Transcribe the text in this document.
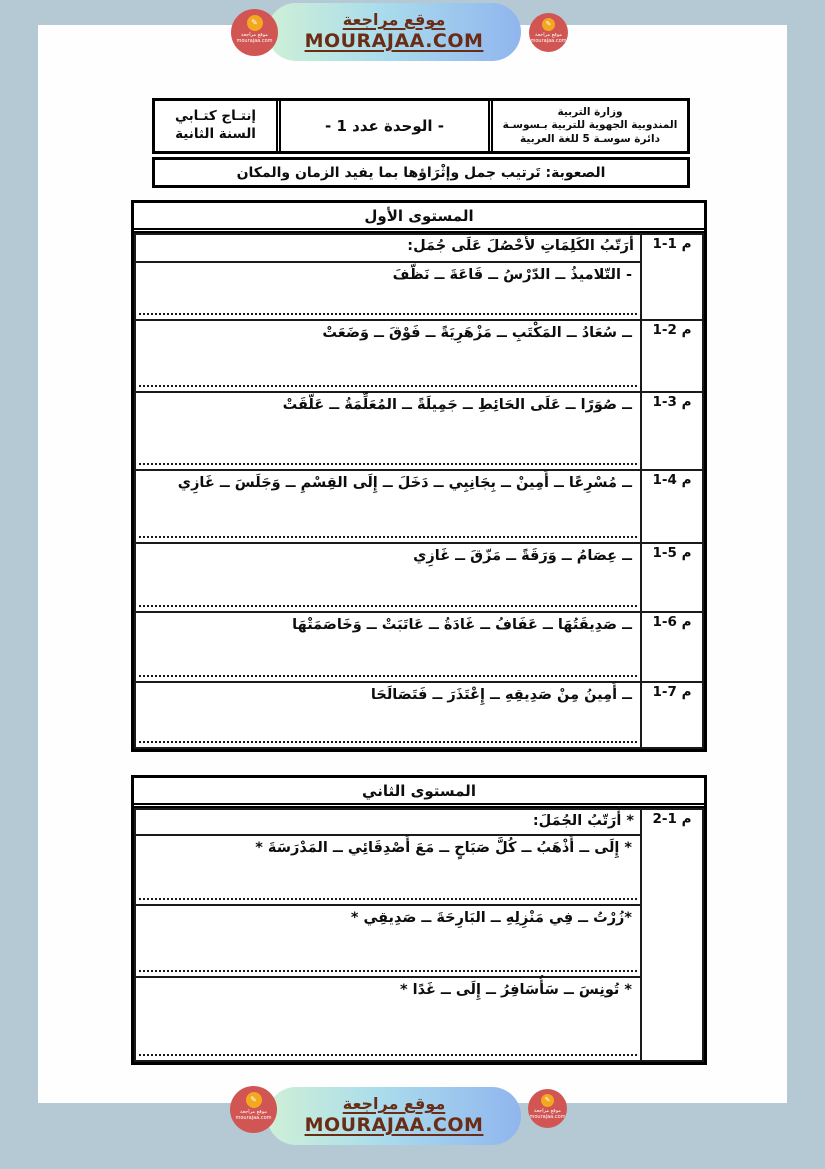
✎
موقع مراجعة
mourajaa.com
موقع مراجعة
MOURAJAA.COM
✎
موقع مراجعة
mourajaa.com
وزارة التربية
المندوبية الجهوية للتربية بـسوسـة
دائرة سوسـة 5 للغة العربية
- الوحدة عدد 1 -
إنتـاج كتـابي
السنة الثانية
الصعوبة: تَرتيب جمل وإثْرَاؤها بما يفيد الزمان والمكان
المستوى الأول
م 1-1	أُرَتّبُ الكَلِمَاتِ لأَحْصُلَ عَلَى جُمَل:
	- التّلاميذُ ــ الدّرْسُ ــ قَاعَةَ ــ نَظّفَ

م 2-1	ــ سُعَادُ ــ المَكْتَبِ ــ مَزْهَرِيَةً ــ فَوْقَ ــ وَضَعَتْ

م 3-1	ــ صُوَرًا ــ عَلَى الحَائِطِ ــ جَمِيلَةً ــ المُعَلِّمَةُ ــ عَلّقَتْ

م 4-1	ــ مُسْرِعًا ــ أَمِينْ ــ بِجَانِبِي ــ دَخَلَ ــ إِلَى القِسْمِ ــ وَجَلَسَ ــ غَازِي

م 5-1	ــ عِصَامُ ــ وَرَقَةً ــ مَزّقَ ــ غَازِي

م 6-1	ــ صَدِيقَتُهَا ــ عَفَافُ ــ غَادَةُ ــ عَاتَبَتْ ــ وَخَاصَمَتْهَا

م 7-1	ــ أَمِينُ مِنْ صَدِيقِهِ ــ إِعْتَذَرَ ــ فَتَصَالَحَا
المستوى الثاني
م 1-2	* أُرَتّبُ الجُمَلَ:
* إِلَى ــ أَذْهَبُ ــ كُلَّ صَبَاحٍ ــ مَعَ أَصْدِقَائِي ــ المَدْرَسَةَ *

*زُرْتُ ــ فِي مَنْزِلِهِ ــ البَارِحَةَ ــ صَدِيقِي *

* تُونِسَ ــ سَأُسَافِرُ ــ إِلَى ــ غَدًا *
✎
موقع مراجعة
mourajaa.com
موقع مراجعة
MOURAJAA.COM
✎
موقع مراجعة
mourajaa.com
